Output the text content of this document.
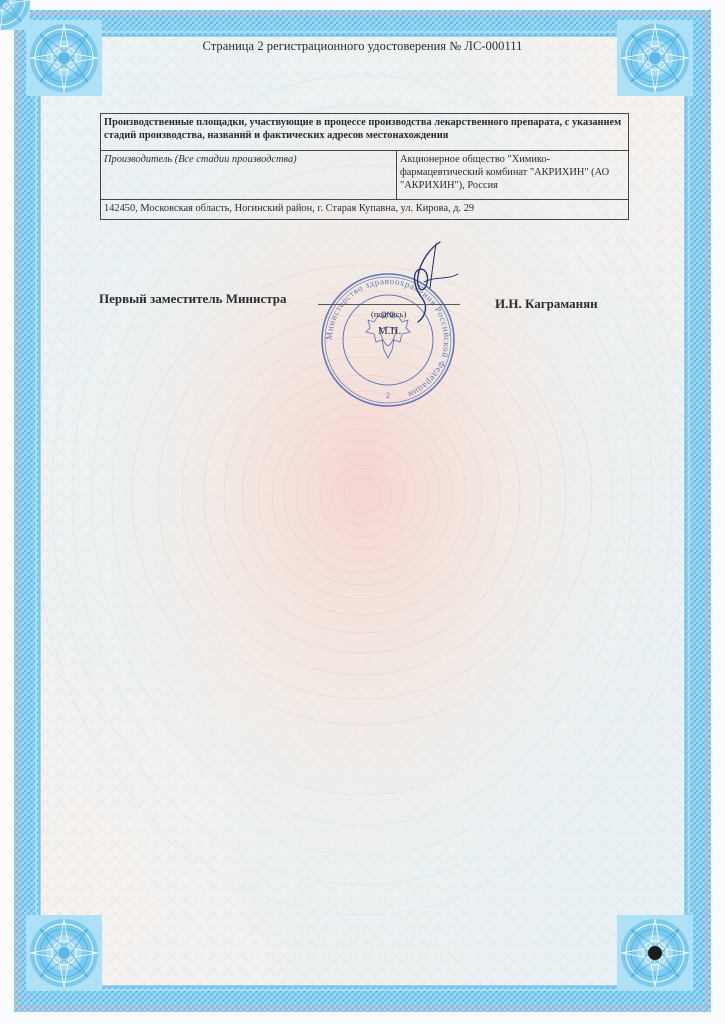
Министерство здравоохранения Российской Федерации
2
Страница 2 регистрационного удостоверения № ЛС-000111
Производственные площадки, участвующие в процессе производства лекарственного препарата, с указанием стадий производства, названий и фактических адресов местонахождения
Производитель (Все стадии производства)	Акционерное общество "Химико-фармацевтический комбинат "АКРИХИН" (АО "АКРИХИН"), Россия
142450, Московская область, Ногинский район, г. Старая Купавна, ул. Кирова, д. 29
Первый заместитель Министра
(подпись)
М.П.
И.Н. Каграманян
